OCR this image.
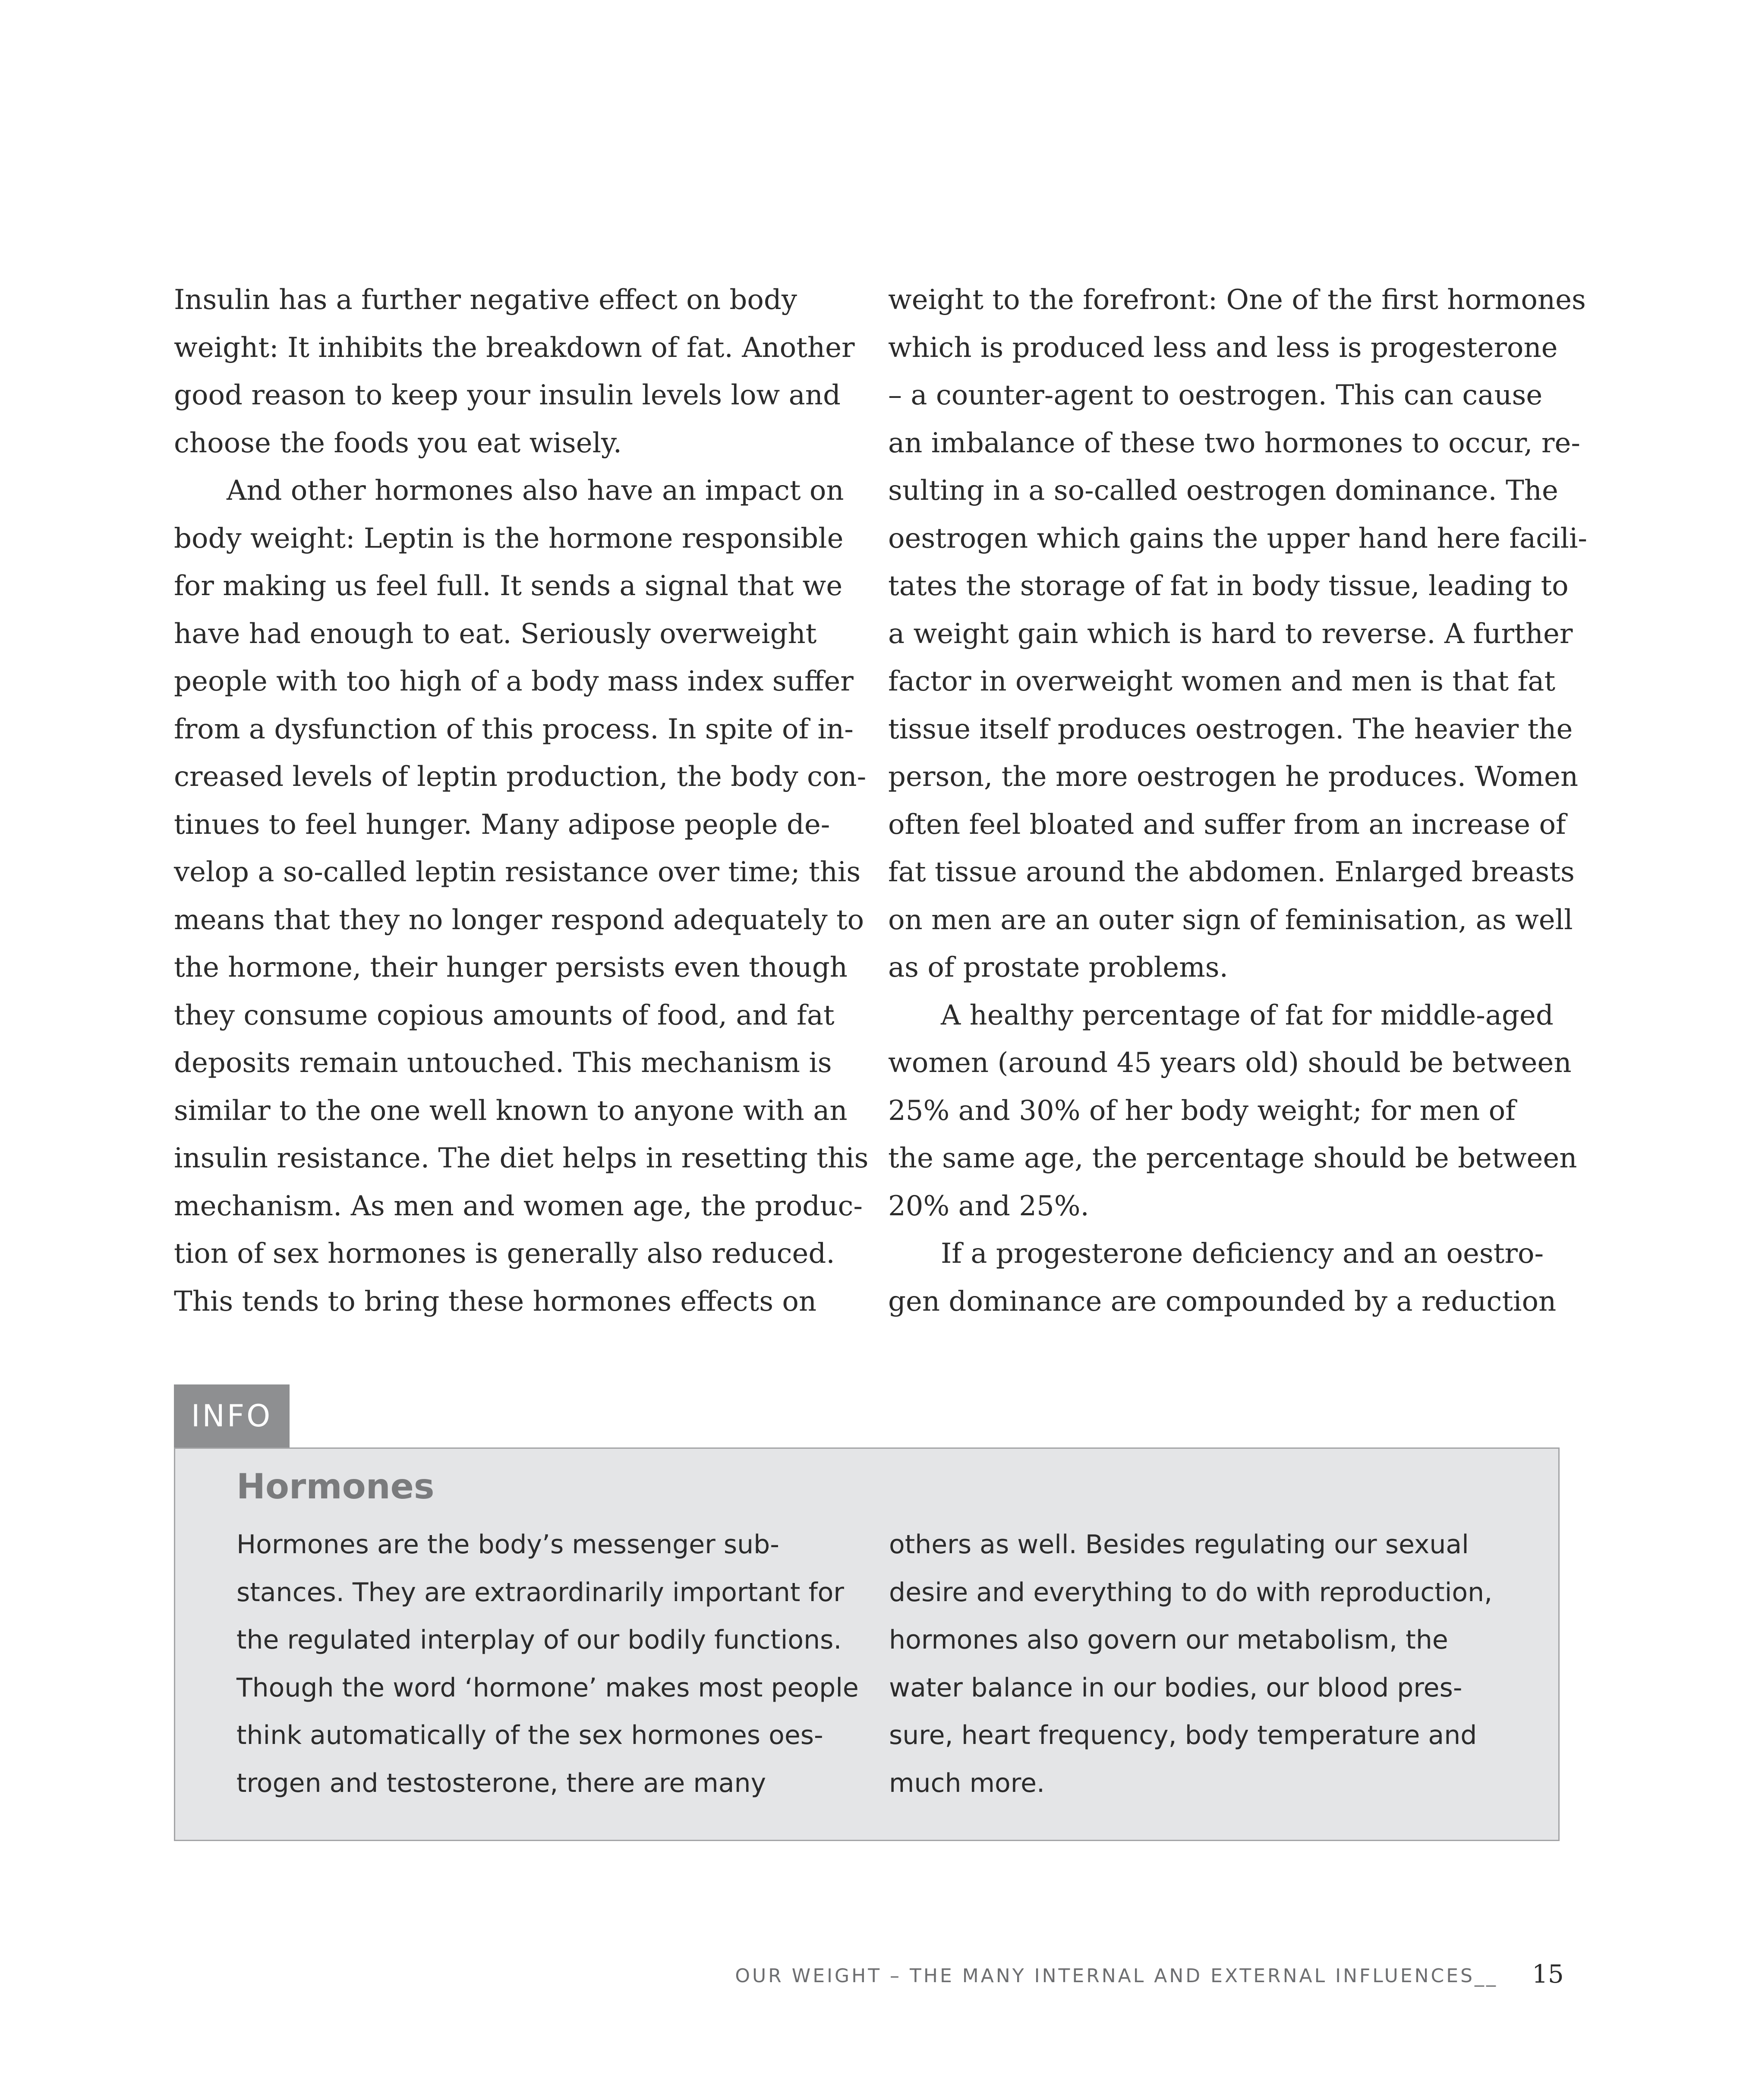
Insulin has a further negative effect on body
weight: It inhibits the breakdown of fat. Another
good reason to keep your insulin levels low and
choose the foods you eat wisely.
And other hormones also have an impact on
body weight: Leptin is the hormone responsible
for making us feel full. It sends a signal that we
have had enough to eat. Seriously overweight
people with too high of a body mass index suffer
from a dysfunction of this process. In spite of in-
creased levels of leptin production, the body con-
tinues to feel hunger. Many adipose people de-
velop a so-called leptin resistance over time; this
means that they no longer respond adequately to
the hormone, their hunger persists even though
they consume copious amounts of food, and fat
deposits remain untouched. This mechanism is
similar to the one well known to anyone with an
insulin resistance. The diet helps in resetting this
mechanism. As men and women age, the produc-
tion of sex hormones is generally also reduced.
This tends to bring these hormones effects on
weight to the forefront: One of the first hormones
which is produced less and less is progesterone
– a counter-agent to oestrogen. This can cause
an imbalance of these two hormones to occur, re-
sulting in a so-called oestrogen dominance. The
oestrogen which gains the upper hand here facili-
tates the storage of fat in body tissue, leading to
a weight gain which is hard to reverse. A further
factor in overweight women and men is that fat
tissue itself produces oestrogen. The heavier the
person, the more oestrogen he produces. Women
often feel bloated and suffer from an increase of
fat tissue around the abdomen. Enlarged breasts
on men are an outer sign of feminisation, as well
as of prostate problems.
A healthy percentage of fat for middle-aged
women (around 45 years old) should be between
25% and 30% of her body weight; for men of
the same age, the percentage should be between
20% and 25%.
If a progesterone deficiency and an oestro-
gen dominance are compounded by a reduction
INFO
Hormones
Hormones are the body’s messenger sub-
stances. They are extraordinarily important for
the regulated interplay of our bodily functions.
Though the word ‘hormone’ makes most people
think automatically of the sex hormones oes-
trogen and testosterone, there are many
others as well. Besides regulating our sexual
desire and everything to do with reproduction,
hormones also govern our metabolism, the
water balance in our bodies, our blood pres-
sure, heart frequency, body temperature and
much more.
OUR WEIGHT – THE MANY INTERNAL AND EXTERNAL INFLUENCES__ 15
